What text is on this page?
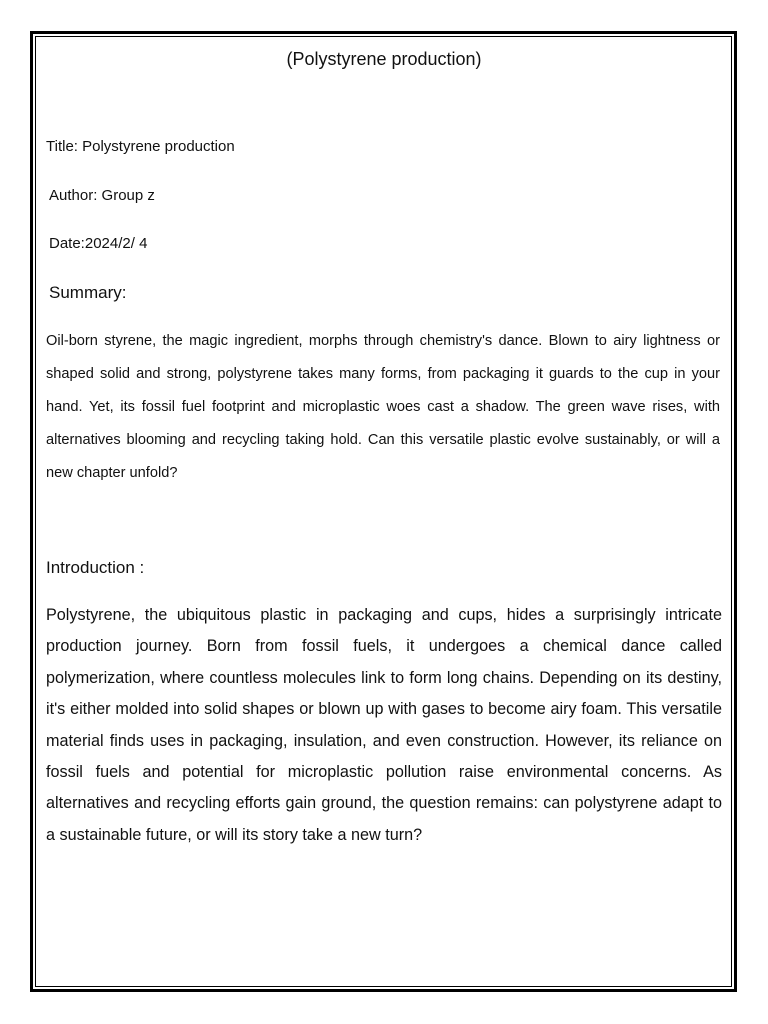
(Polystyrene production)
Title: Polystyrene production
Author: Group z
Date:2024/2/ 4
Summary:

Oil-born styrene, the magic ingredient, morphs through chemistry's dance. Blown to airy lightness or shaped solid and strong, polystyrene takes many forms, from packaging it guards to the cup in your hand. Yet, its fossil fuel footprint and microplastic woes cast a shadow. The green wave rises, with alternatives blooming and recycling taking hold. Can this versatile plastic evolve sustainably, or will a new chapter unfold?

Introduction :

Polystyrene, the ubiquitous plastic in packaging and cups, hides a surprisingly intricate production journey. Born from fossil fuels, it undergoes a chemical dance called polymerization, where countless molecules link to form long chains. Depending on its destiny, it's either molded into solid shapes or blown up with gases to become airy foam. This versatile material finds uses in packaging, insulation, and even construction. However, its reliance on fossil fuels and potential for microplastic pollution raise environmental concerns. As alternatives and recycling efforts gain ground, the question remains: can polystyrene adapt to a sustainable future, or will its story take a new turn?
